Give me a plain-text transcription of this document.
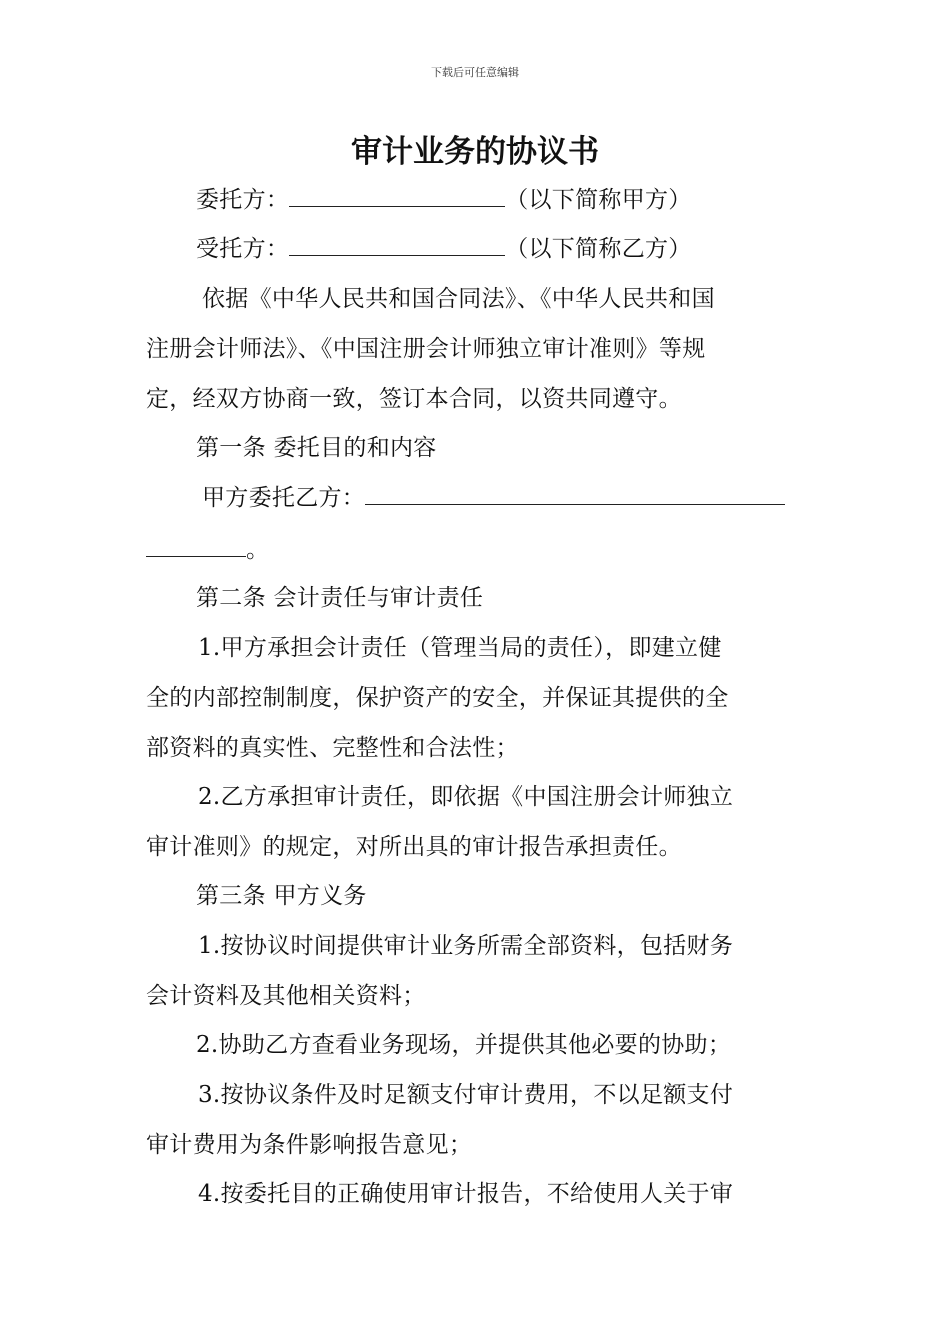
下载后可任意编辑
审计业务的协议书
委托方：	（以下简称甲方）
受托方：	（以下简称乙方）
依据《中华人民共和国合同法》、《中华人民共和国
注册会计师法》、《中国注册会计师独立审计准则》等规
定，经双方协商一致，签订本合同，以资共同遵守。
第一条 委托目的和内容
甲方委托乙方：
。
第二条 会计责任与审计责任
1.甲方承担会计责任（管理当局的责任），即建立健
全的内部控制制度，保护资产的安全，并保证其提供的全
部资料的真实性、完整性和合法性；
2.乙方承担审计责任，即依据《中国注册会计师独立
审计准则》的规定，对所出具的审计报告承担责任。
第三条 甲方义务
1.按协议时间提供审计业务所需全部资料，包括财务
会计资料及其他相关资料；
2.协助乙方查看业务现场，并提供其他必要的协助；
3.按协议条件及时足额支付审计费用，不以足额支付
审计费用为条件影响报告意见；
4.按委托目的正确使用审计报告，不给使用人关于审
